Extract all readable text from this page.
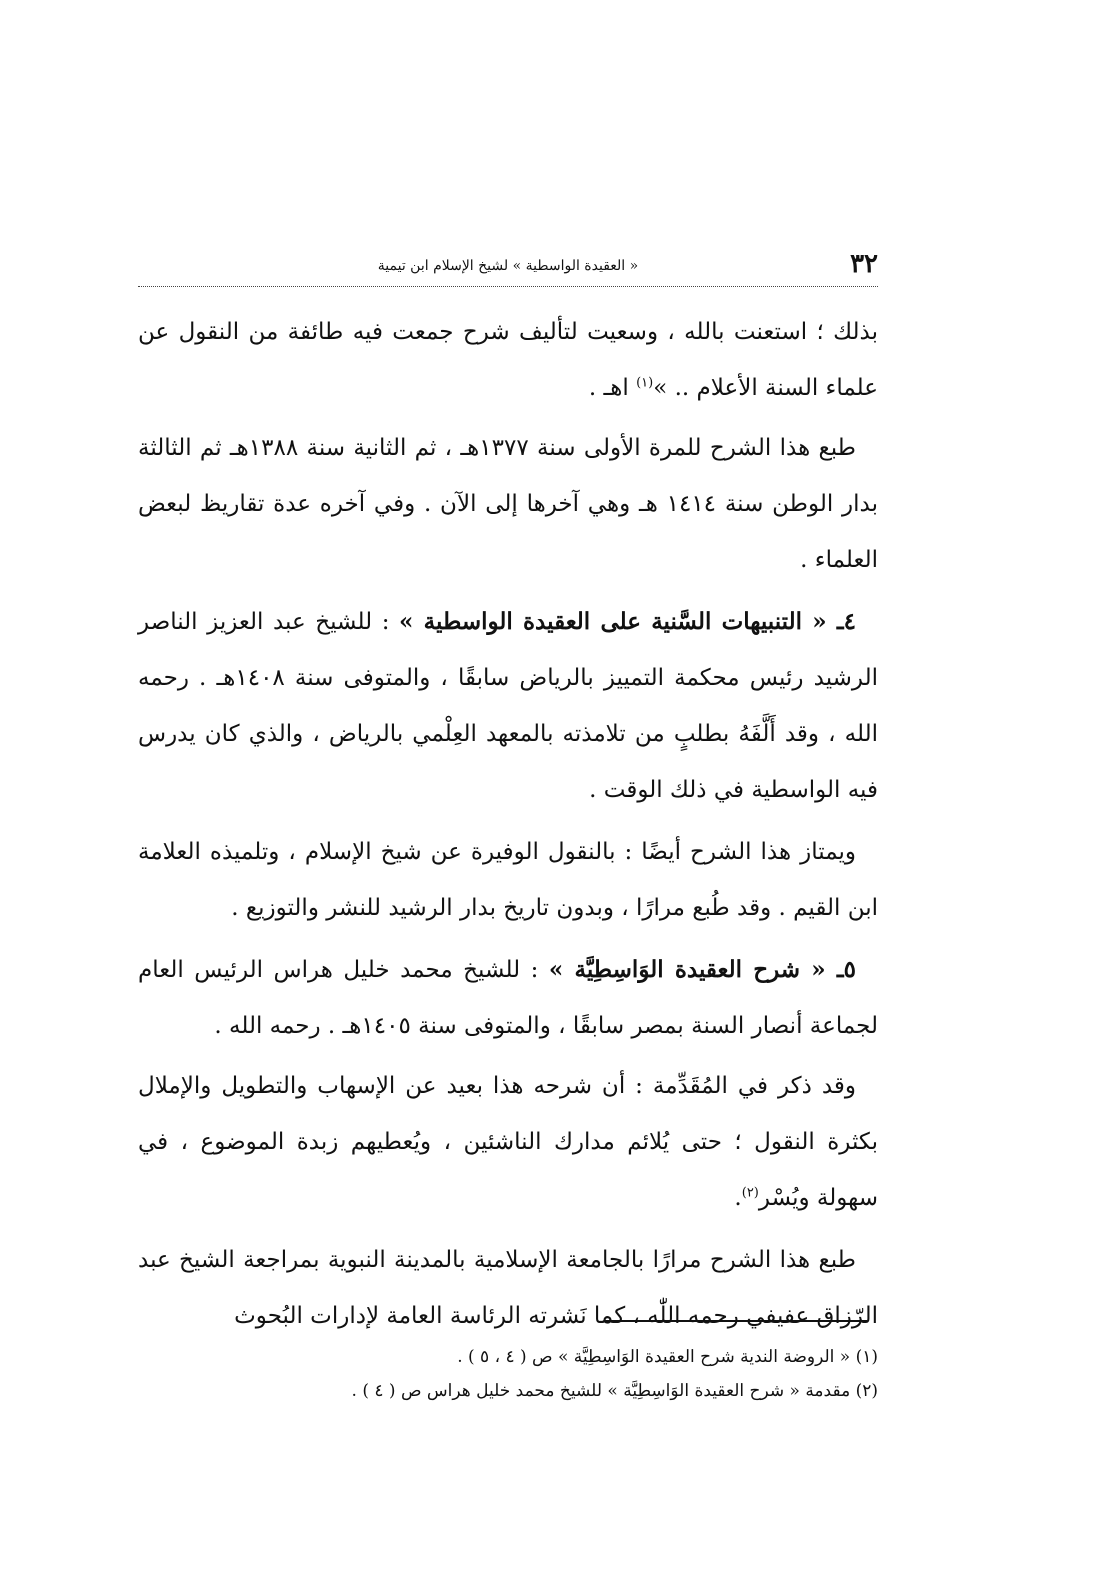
٣٢
« العقيدة الواسطية » لشيخ الإسلام ابن تيمية

بذلك ؛ استعنت بالله ، وسعيت لتأليف شرح جمعت فيه طائفة من النقول عن علماء السنة الأعلام .. »$^{(١)}$ اهـ .

طبع هذا الشرح للمرة الأولى سنة ١٣٧٧هـ ، ثم الثانية سنة ١٣٨٨هـ ثم الثالثة بدار الوطن سنة ١٤١٤ هـ وهي آخرها إلى الآن . وفي آخره عدة تقاريظ لبعض العلماء .

٤ـ « التنبيهات السَّنية على العقيدة الواسطية » : للشيخ عبد العزيز الناصر الرشيد رئيس محكمة التمييز بالرياض سابقًا ، والمتوفى سنة ١٤٠٨هـ . رحمه الله ، وقد أَلَّفَهُ بطلبٍ من تلامذته بالمعهد العِلْمي بالرياض ، والذي كان يدرس فيه الواسطية في ذلك الوقت .

ويمتاز هذا الشرح أيضًا : بالنقول الوفيرة عن شيخ الإسلام ، وتلميذه العلامة ابن القيم . وقد طُبع مرارًا ، وبدون تاريخ بدار الرشيد للنشر والتوزيع .

٥ـ « شرح العقيدة الوَاسِطِيَّة » : للشيخ محمد خليل هراس الرئيس العام لجماعة أنصار السنة بمصر سابقًا ، والمتوفى سنة ١٤٠٥هـ . رحمه الله .

وقد ذكر في المُقَدِّمة : أن شرحه هذا بعيد عن الإسهاب والتطويل والإملال بكثرة النقول ؛ حتى يُلائم مدارك الناشئين ، ويُعطيهم زبدة الموضوع ، في سهولة ويُسْر$^{(٢)}$.

طبع هذا الشرح مرارًا بالجامعة الإسلامية بالمدينة النبوية بمراجعة الشيخ عبد الرّزاق عفيفي رحمه اللّٰه ، كما نَشرته الرئاسة العامة لإدارات البُحوث

(١) « الروضة الندية شرح العقيدة الوَاسِطِيَّة » ص ( ٤ ، ٥ ) .

(٢) مقدمة « شرح العقيدة الوَاسِطِيَّة » للشيخ محمد خليل هراس ص ( ٤ ) .
